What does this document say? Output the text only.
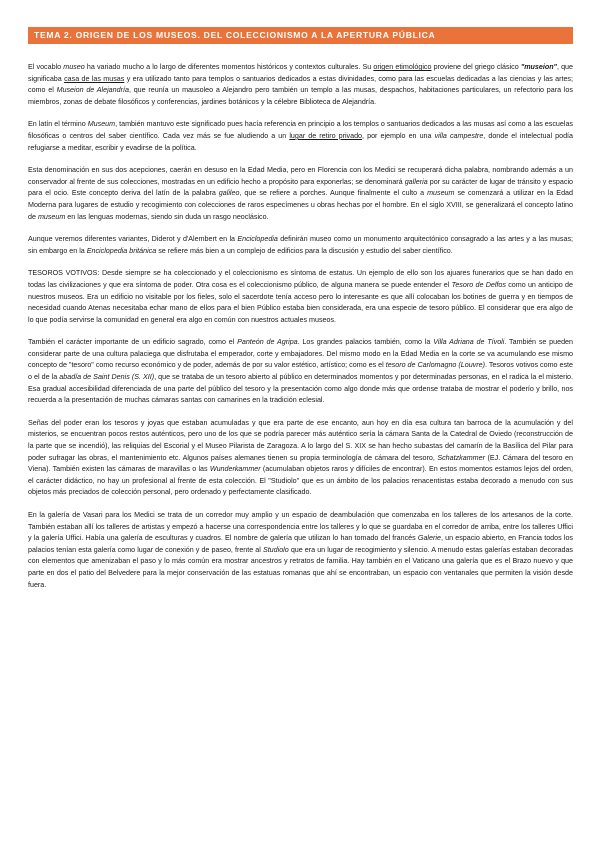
TEMA 2. ORIGEN DE LOS MUSEOS. DEL COLECCIONISMO A LA APERTURA PÚBLICA

El vocablo museo ha variado mucho a lo largo de diferentes momentos históricos y contextos culturales. Su origen etimológico proviene del griego clásico "museion", que significaba casa de las musas y era utilizado tanto para templos o santuarios dedicados a estas divinidades, como para las escuelas dedicadas a las ciencias y las artes; como el Museion de Alejandría, que reunía un mausoleo a Alejandro pero también un templo a las musas, despachos, habitaciones particulares, un refectorio para los miembros, zonas de debate filosóficos y conferencias, jardines botánicos y la célebre Biblioteca de Alejandría.

En latín el término Museum, también mantuvo este significado pues hacía referencia en principio a los templos o santuarios dedicados a las musas así como a las escuelas filosóficas o centros del saber científico. Cada vez más se fue aludiendo a un lugar de retiro privado, por ejemplo en una villa campestre, donde el intelectual podía refugiarse a meditar, escribir y evadirse de la política.

Esta denominación en sus dos acepciones, caerán en desuso en la Edad Media, pero en Florencia con los Medici se recuperará dicha palabra, nombrando además a un conservador al frente de sus colecciones, mostradas en un edificio hecho a propósito para exponerlas; se denominará galleria por su carácter de lugar de tránsito y espacio para el ocio. Este concepto deriva del latín de la palabra galileo, que se refiere a porches. Aunque finalmente el culto a museum se comenzará a utilizar en la Edad Moderna para lugares de estudio y recogimiento con colecciones de raros especímenes u obras hechas por el hombre. En el siglo XVIII, se generalizará el concepto latino de museum en las lenguas modernas, siendo sin duda un rasgo neoclásico.

Aunque veremos diferentes variantes, Diderot y d'Alembert en la Enciclopedia definirán museo como un monumento arquitectónico consagrado a las artes y a las musas; sin embargo en la Enciclopedia británica se refiere más bien a un complejo de edificios para la discusión y estudio del saber científico.

TESOROS VOTIVOS: Desde siempre se ha coleccionado y el coleccionismo es síntoma de estatus. Un ejemplo de ello son los ajuares funerarios que se han dado en todas las civilizaciones y que era síntoma de poder. Otra cosa es el coleccionismo público, de alguna manera se puede entender el Tesoro de Delfos como un anticipo de nuestros museos. Era un edificio no visitable por los fieles, solo el sacerdote tenía acceso pero lo interesante es que allí colocaban los botines de guerra y en tiempos de necesidad cuando Atenas necesitaba echar mano de ellos para el bien Público estaba bien considerada, era una especie de tesoro público. El considerar que era algo de lo que podía servirse la comunidad en general era algo en común con nuestros actuales museos.

También el carácter importante de un edificio sagrado, como el Panteón de Agripa. Los grandes palacios también, como la Villa Adriana de Tívoli. También se pueden considerar parte de una cultura palaciega que disfrutaba el emperador, corte y embajadores. Del mismo modo en la Edad Media en la corte se va acumulando ese mismo concepto de "tesoro" como recurso económico y de poder, además de por su valor estético, artístico; como es el tesoro de Carlomagno (Louvre). Tesoros votivos como este o el de la abadía de Saint Denis (S. XII), que se trataba de un tesoro abierto al público en determinados momentos y por determinadas personas, en el radica la el misterio. Esa gradual accesibilidad diferenciada de una parte del público del tesoro y la presentación como algo donde más que ordense trataba de mostrar el poderío y brillo, nos recuerda a la presentación de muchas cámaras santas con camarines en la tradición eclesial.

Señas del poder eran los tesoros y joyas que estaban acumuladas y que era parte de ese encanto, aun hoy en día esa cultura tan barroca de la acumulación y del misterios, se encuentran pocos restos auténticos, pero uno de los que se podría parecer más auténtico sería la cámara Santa de la Catedral de Oviedo (reconstrucción de la parte que se incendió), las reliquias del Escorial y el Museo Pilarista de Zaragoza. A lo largo del S. XIX se han hecho subastas del camarín de la Basílica del Pilar para poder sufragar las obras, el mantenimiento etc. Algunos países alemanes tienen su propia terminología de cámara del tesoro, Schatzkammer (EJ. Cámara del tesoro en Viena). También existen las cámaras de maravillas o las Wunderkammer (acumulaban objetos raros y difíciles de encontrar). En estos momentos estamos lejos del orden, el carácter didáctico, no hay un profesional al frente de esta colección. El "Studiolo" que es un ámbito de los palacios renacentistas estaba decorado a menudo con sus objetos más preciados de colección personal, pero ordenado y perfectamente clasificado.

En la galería de Vasari para los Medici se trata de un corredor muy amplio y un espacio de deambulación que comenzaba en los talleres de los artesanos de la corte. También estaban allí los talleres de artistas y empezó a hacerse una correspondencia entre los talleres y lo que se guardaba en el corredor de arriba, entre los talleres Uffici y la galería Uffici. Había una galería de esculturas y cuadros. El nombre de galería que utilizan lo han tomado del francés Galerie, un espacio abierto, en Francia todos los palacios tenían esta galería como lugar de conexión y de paseo, frente al Studiolo que era un lugar de recogimiento y silencio. A menudo estas galerías estaban decoradas con elementos que amenizaban el paso y lo más común era mostrar ancestros y retratos de familia. Hay también en el Vaticano una galería que es el Brazo nuevo y que parte en dos el patio del Belvedere para la mejor conservación de las estatuas romanas que ahí se encontraban, un espacio con ventanales que permiten la visión desde fuera.
